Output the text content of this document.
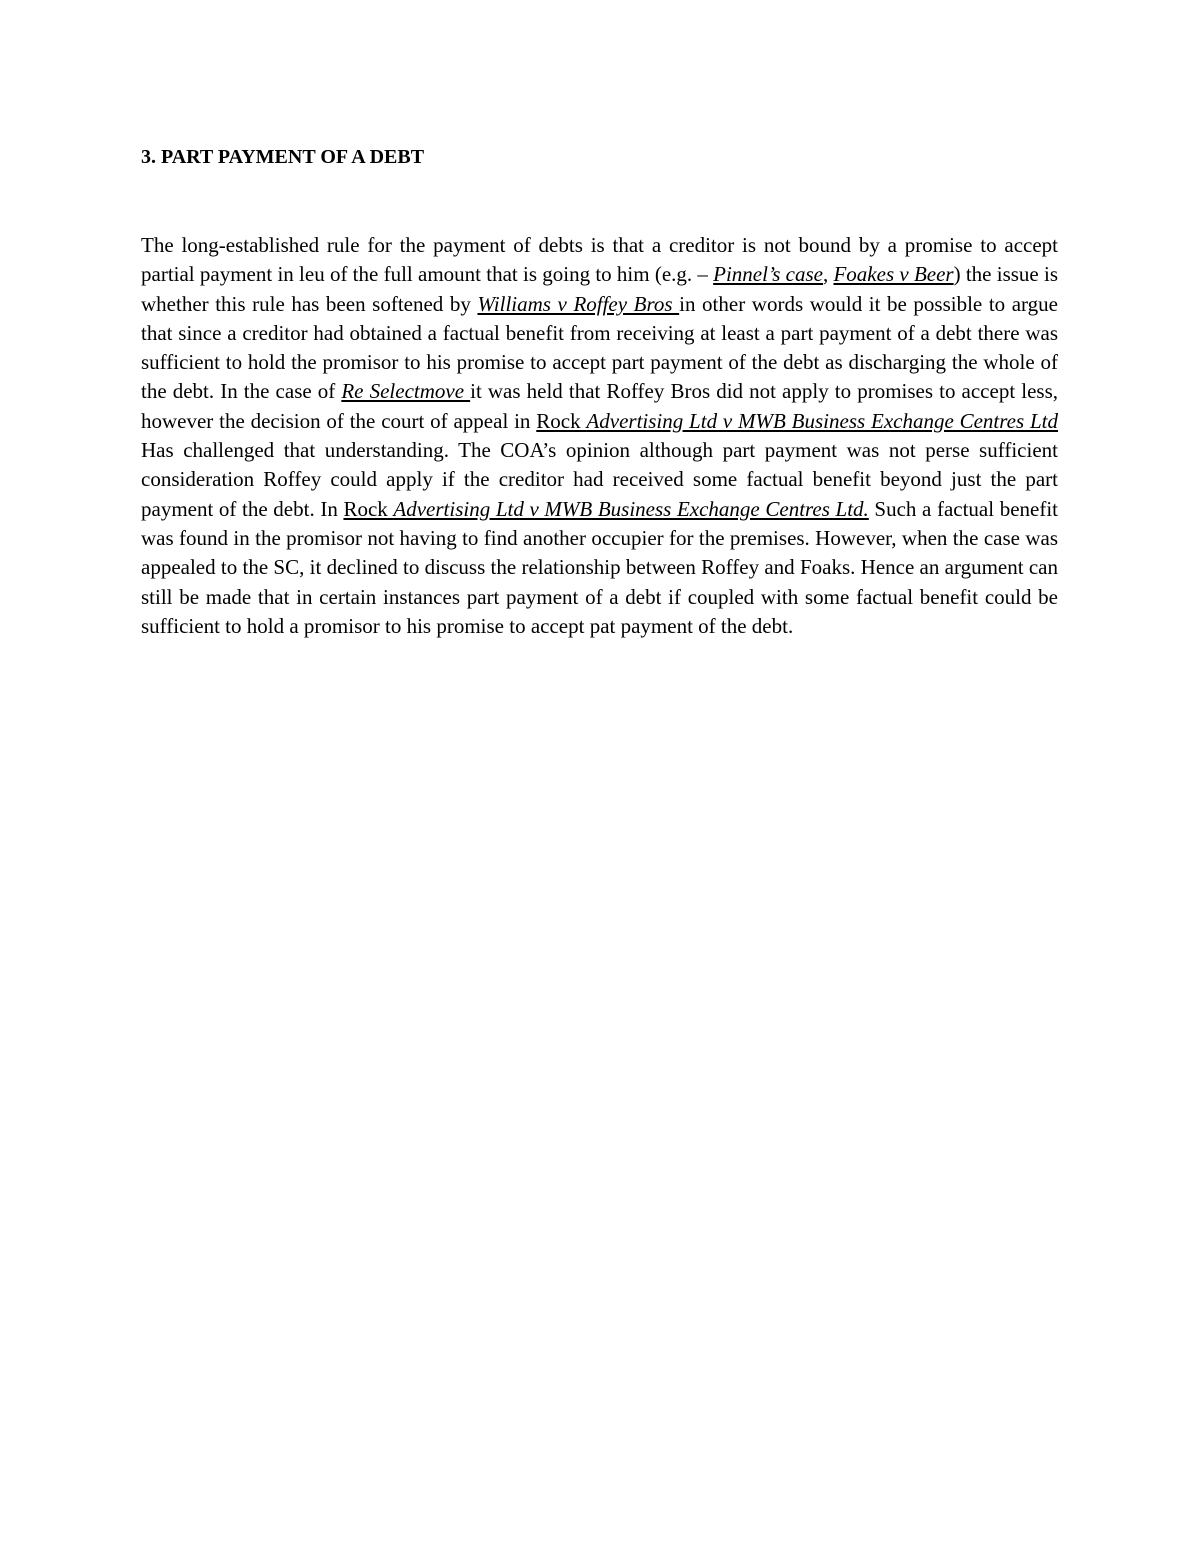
3. PART PAYMENT OF A DEBT

The long-established rule for the payment of debts is that a creditor is not bound by a promise to accept partial payment in leu of the full amount that is going to him (e.g. – Pinnel’s case, Foakes v Beer) the issue is whether this rule has been softened by Williams v Roffey Bros in other words would it be possible to argue that since a creditor had obtained a factual benefit from receiving at least a part payment of a debt there was sufficient to hold the promisor to his promise to accept part payment of the debt as discharging the whole of the debt. In the case of Re Selectmove it was held that Roffey Bros did not apply to promises to accept less, however the decision of the court of appeal in Rock Advertising Ltd v MWB Business Exchange Centres Ltd Has challenged that understanding. The COA’s opinion although part payment was not perse sufficient consideration Roffey could apply if the creditor had received some factual benefit beyond just the part payment of the debt. In Rock Advertising Ltd v MWB Business Exchange Centres Ltd. Such a factual benefit was found in the promisor not having to find another occupier for the premises. However, when the case was appealed to the SC, it declined to discuss the relationship between Roffey and Foaks. Hence an argument can still be made that in certain instances part payment of a debt if coupled with some factual benefit could be sufficient to hold a promisor to his promise to accept pat payment of the debt.
